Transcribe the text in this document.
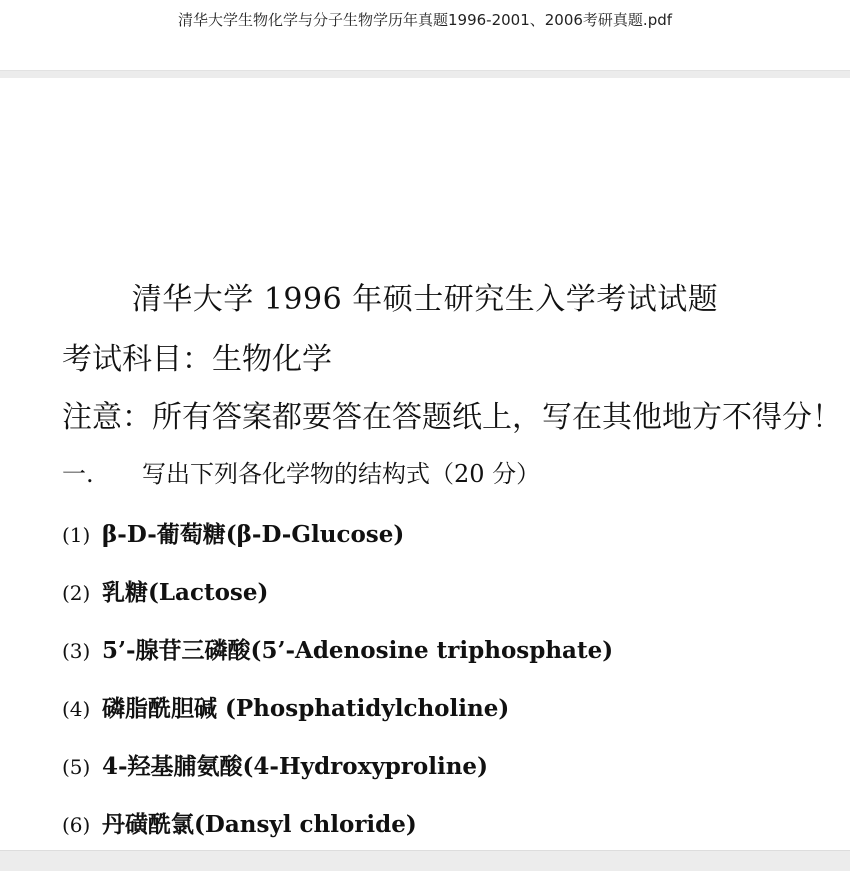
清华大学生物化学与分子生物学历年真题1996-2001、2006考研真题.pdf
清华大学 1996 年硕士研究生入学考试试题
考试科目：生物化学
注意：所有答案都要答在答题纸上，写在其他地方不得分！
一. 写出下列各化学物的结构式（20 分）
(1) β-D-葡萄糖(β-D-Glucose)
(2) 乳糖(Lactose)
(3) 5’-腺苷三磷酸(5’-Adenosine triphosphate)
(4) 磷脂酰胆碱 (Phosphatidylcholine)
(5) 4-羟基脯氨酸(4-Hydroxyproline)
(6) 丹磺酰氯(Dansyl chloride)
